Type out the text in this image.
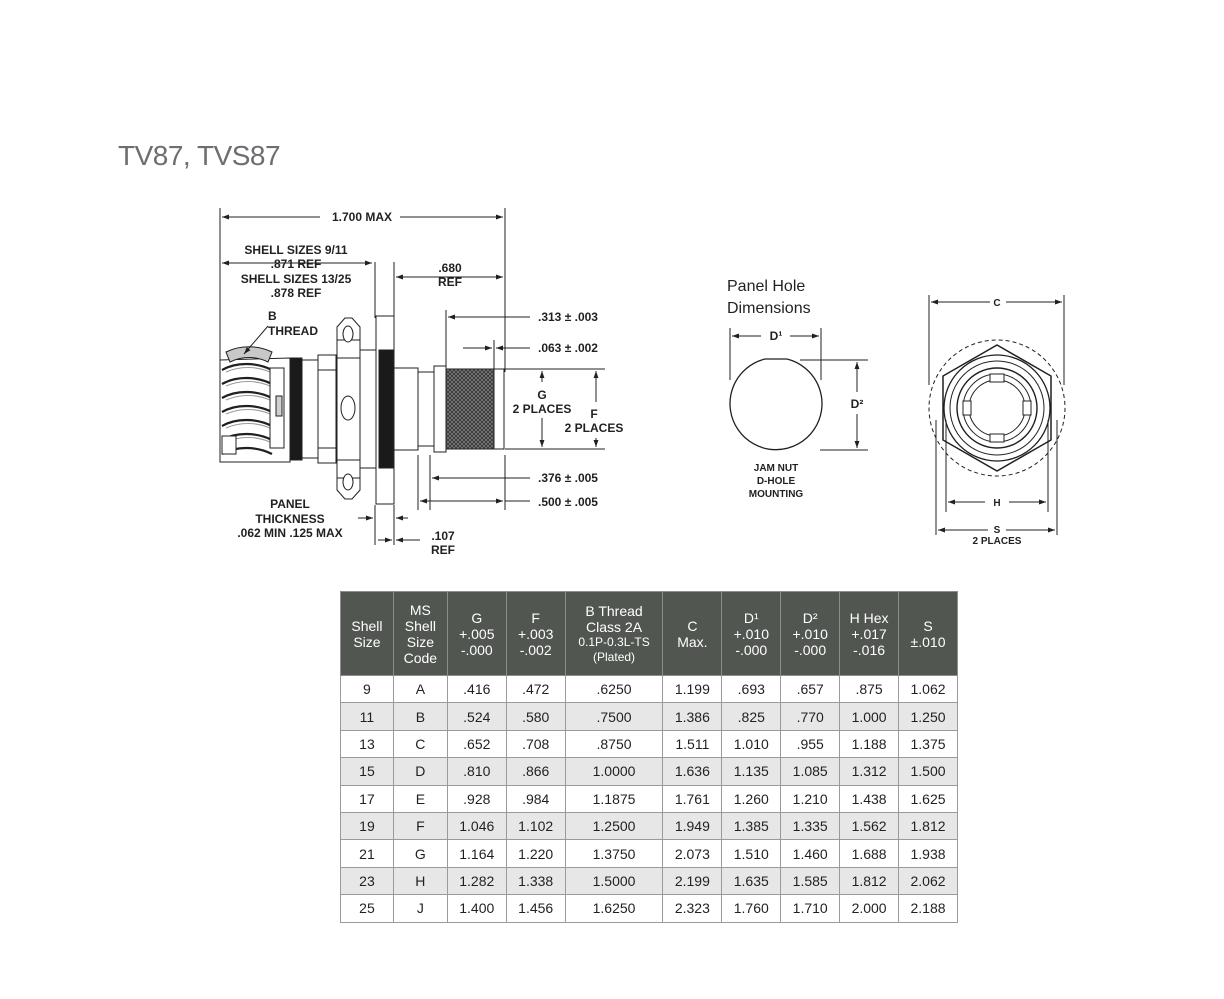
TV87, TVS87
1.700 MAX
SHELL SIZES 9/11
.871 REF
SHELL SIZES 13/25
.878 REF
B
THREAD
.680
REF
.313 ± .003
.063 ± .002
G
2 PLACES F
2 PLACES
.376 ± .005
.500 ± .005
PANEL
THICKNESS
.062 MIN .125 MAX	.107
REF
Panel Hole
Dimensions
D¹
D²
JAM NUT
D-HOLE
MOUNTING
C
H
S
2 PLACES
Shell
Size	MS
Shell
Size
Code	G
+.005
-.000	F
+.003
-.002	B Thread
Class 2A
0.1P-0.3L-TS
(Plated)	C
Max.	D¹
+.010
-.000	D²
+.010
-.000	H Hex
+.017
-.016	S
±.010

9	A	.416	.472	.6250	1.199	.693	.657	.875	1.062
11	B	.524	.580	.7500	1.386	.825	.770	1.000	1.250
13	C	.652	.708	.8750	1.511	1.010	.955	1.188	1.375
15	D	.810	.866	1.0000	1.636	1.135	1.085	1.312	1.500
17	E	.928	.984	1.1875	1.761	1.260	1.210	1.438	1.625
19	F	1.046	1.102	1.2500	1.949	1.385	1.335	1.562	1.812
21	G	1.164	1.220	1.3750	2.073	1.510	1.460	1.688	1.938
23	H	1.282	1.338	1.5000	2.199	1.635	1.585	1.812	2.062
25	J	1.400	1.456	1.6250	2.323	1.760	1.710	2.000	2.188
